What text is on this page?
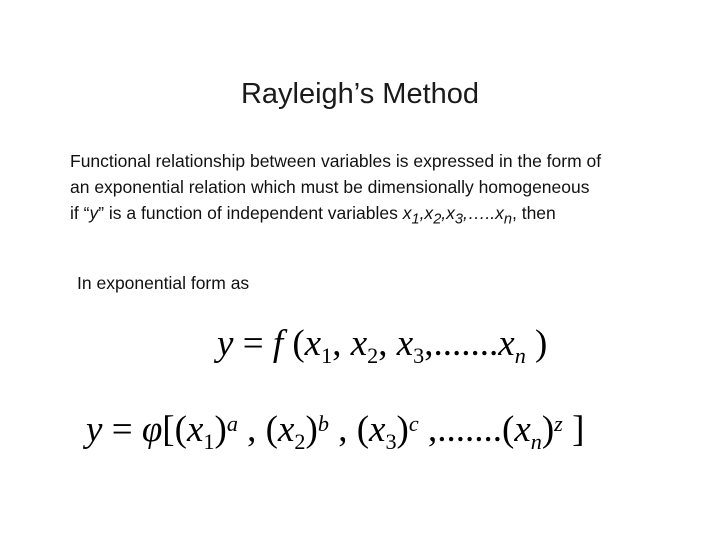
Rayleigh’s Method

Functional relationship between variables is expressed in the form of

an exponential relation which must be dimensionally homogeneous

if “y” is a function of independent variables $x_1,x_2,x_3,\dots..x_n$, then

In exponential form as
y = f ($x_1$, $x_2$, $x_3,.......x_n$ )
$y = \varphi[(x_1)^a$ , $(x_2)^b$ , $(x_3)^c$ $,.......(x_n)^z$ ]
